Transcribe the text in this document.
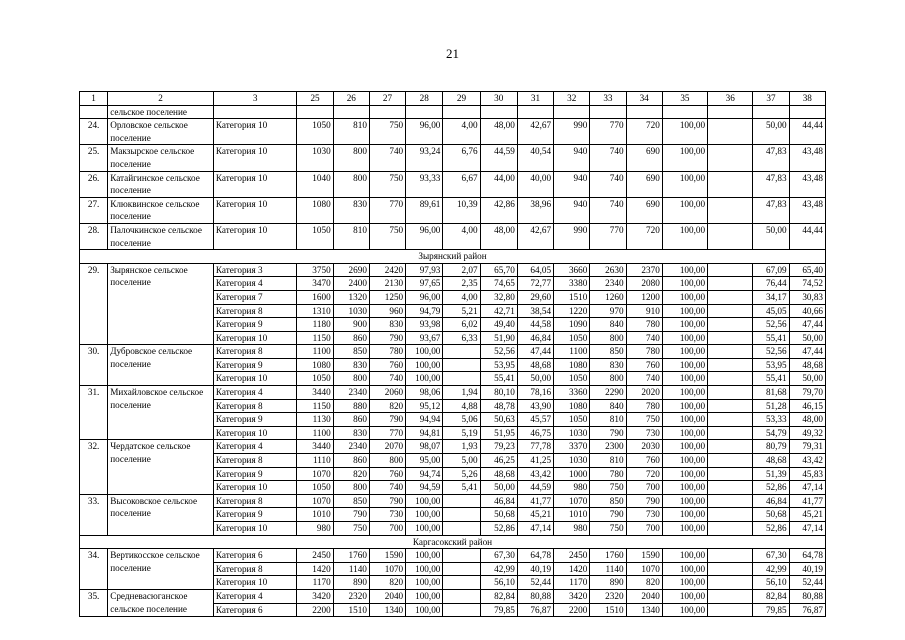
21
1	2	3	25	26	27	28	29	30	31	32	33	34	35	36	37	38
	сельское поселение															
24.	Орловское сельское поселение	Категория 10	1050	810	750	96,00	4,00	48,00	42,67	990	770	720	100,00		50,00	44,44
25.	Макзырское сельское поселение	Категория 10	1030	800	740	93,24	6,76	44,59	40,54	940	740	690	100,00		47,83	43,48
26.	Катайгинское сельское поселение	Категория 10	1040	800	750	93,33	6,67	44,00	40,00	940	740	690	100,00		47,83	43,48
27.	Клюквинское сельское поселение	Категория 10	1080	830	770	89,61	10,39	42,86	38,96	940	740	690	100,00		47,83	43,48
28.	Палочкинское сельское поселение	Категория 10	1050	810	750	96,00	4,00	48,00	42,67	990	770	720	100,00		50,00	44,44
Зырянский район																
29.	Зырянское сельское поселение	Категория 3	3750	2690	2420	97,93	2,07	65,70	64,05	3660	2630	2370	100,00		67,09	65,40
		Категория 4	3470	2400	2130	97,65	2,35	74,65	72,77	3380	2340	2080	100,00		76,44	74,52
		Категория 7	1600	1320	1250	96,00	4,00	32,80	29,60	1510	1260	1200	100,00		34,17	30,83
		Категория 8	1310	1030	960	94,79	5,21	42,71	38,54	1220	970	910	100,00		45,05	40,66
		Категория 9	1180	900	830	93,98	6,02	49,40	44,58	1090	840	780	100,00		52,56	47,44
		Категория 10	1150	860	790	93,67	6,33	51,90	46,84	1050	800	740	100,00		55,41	50,00
30.	Дубровское сельское поселение	Категория 8	1100	850	780	100,00		52,56	47,44	1100	850	780	100,00		52,56	47,44
		Категория 9	1080	830	760	100,00		53,95	48,68	1080	830	760	100,00		53,95	48,68
		Категория 10	1050	800	740	100,00		55,41	50,00	1050	800	740	100,00		55,41	50,00
31.	Михайловское сельское поселение	Категория 4	3440	2340	2060	98,06	1,94	80,10	78,16	3360	2290	2020	100,00		81,68	79,70
		Категория 8	1150	880	820	95,12	4,88	48,78	43,90	1080	840	780	100,00		51,28	46,15
		Категория 9	1130	860	790	94,94	5,06	50,63	45,57	1050	810	750	100,00		53,33	48,00
		Категория 10	1100	830	770	94,81	5,19	51,95	46,75	1030	790	730	100,00		54,79	49,32
32.	Чердатское сельское поселение	Категория 4	3440	2340	2070	98,07	1,93	79,23	77,78	3370	2300	2030	100,00		80,79	79,31
		Категория 8	1110	860	800	95,00	5,00	46,25	41,25	1030	810	760	100,00		48,68	43,42
		Категория 9	1070	820	760	94,74	5,26	48,68	43,42	1000	780	720	100,00		51,39	45,83
		Категория 10	1050	800	740	94,59	5,41	50,00	44,59	980	750	700	100,00		52,86	47,14
33.	Высоковское сельское поселение	Категория 8	1070	850	790	100,00		46,84	41,77	1070	850	790	100,00		46,84	41,77
		Категория 9	1010	790	730	100,00		50,68	45,21	1010	790	730	100,00		50,68	45,21
		Категория 10	980	750	700	100,00		52,86	47,14	980	750	700	100,00		52,86	47,14
Каргасокский район																
34.	Вертикосское сельское поселение	Категория 6	2450	1760	1590	100,00		67,30	64,78	2450	1760	1590	100,00		67,30	64,78
		Категория 8	1420	1140	1070	100,00		42,99	40,19	1420	1140	1070	100,00		42,99	40,19
		Категория 10	1170	890	820	100,00		56,10	52,44	1170	890	820	100,00		56,10	52,44
35.	Средневасюганское сельское поселение	Категория 4	3420	2320	2040	100,00		82,84	80,88	3420	2320	2040	100,00		82,84	80,88
		Категория 6	2200	1510	1340	100,00		79,85	76,87	2200	1510	1340	100,00		79,85	76,87
